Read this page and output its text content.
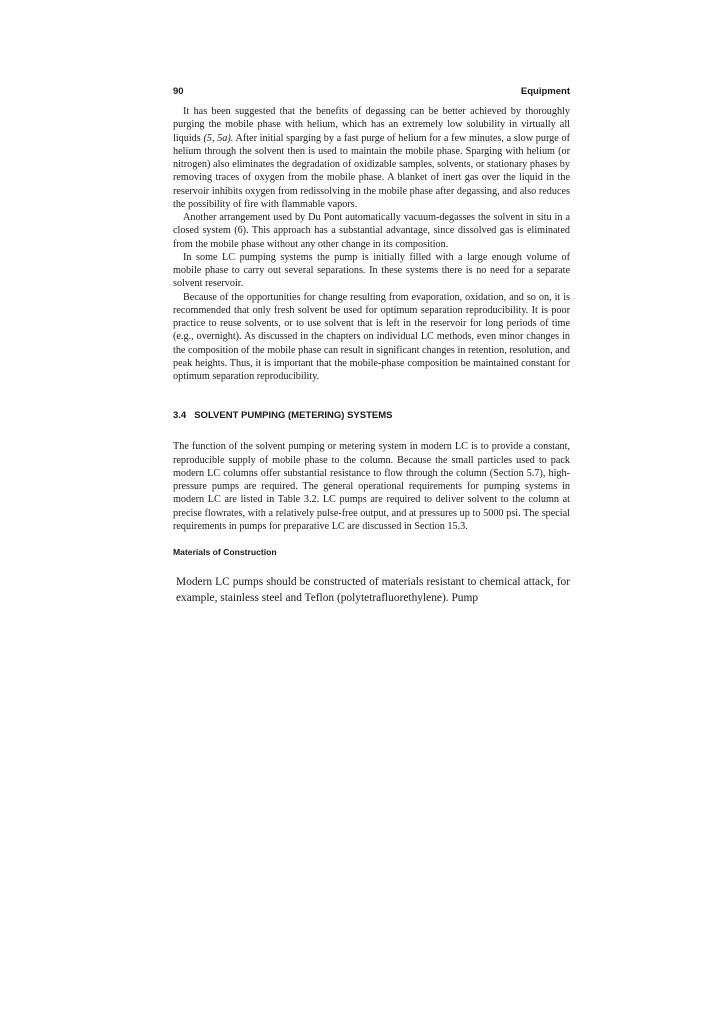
90	Equipment

It has been suggested that the benefits of degassing can be better achieved by thoroughly purging the mobile phase with helium, which has an extremely low solubility in virtually all liquids (5, 5a). After initial sparging by a fast purge of helium for a few minutes, a slow purge of helium through the solvent then is used to maintain the mobile phase. Sparging with helium (or nitrogen) also eliminates the degradation of oxidizable samples, solvents, or stationary phases by removing traces of oxygen from the mobile phase. A blanket of inert gas over the liquid in the reservoir inhibits oxygen from redissolving in the mobile phase after degassing, and also reduces the possibility of fire with flammable vapors.

Another arrangement used by Du Pont automatically vacuum-degasses the solvent in situ in a closed system (6). This approach has a substantial advantage, since dissolved gas is eliminated from the mobile phase without any other change in its composition.

In some LC pumping systems the pump is initially filled with a large enough volume of mobile phase to carry out several separations. In these systems there is no need for a separate solvent reservoir.

Because of the opportunities for change resulting from evaporation, oxidation, and so on, it is recommended that only fresh solvent be used for optimum separation reproducibility. It is poor practice to reuse solvents, or to use solvent that is left in the reservoir for long periods of time (e.g., overnight). As discussed in the chapters on individual LC methods, even minor changes in the composition of the mobile phase can result in significant changes in retention, resolution, and peak heights. Thus, it is important that the mobile-phase composition be maintained constant for optimum separation reproducibility.

3.4 SOLVENT PUMPING (METERING) SYSTEMS

The function of the solvent pumping or metering system in modern LC is to provide a constant, reproducible supply of mobile phase to the column. Because the small particles used to pack modern LC columns offer substantial resistance to flow through the column (Section 5.7), high-pressure pumps are required. The general operational requirements for pumping systems in modern LC are listed in Table 3.2. LC pumps are required to deliver solvent to the column at precise flowrates, with a relatively pulse-free output, and at pressures up to 5000 psi. The special requirements in pumps for preparative LC are discussed in Section 15.3.

Materials of Construction

Modern LC pumps should be constructed of materials resistant to chemical attack, for example, stainless steel and Teflon (polytetrafluorethylene). Pump
